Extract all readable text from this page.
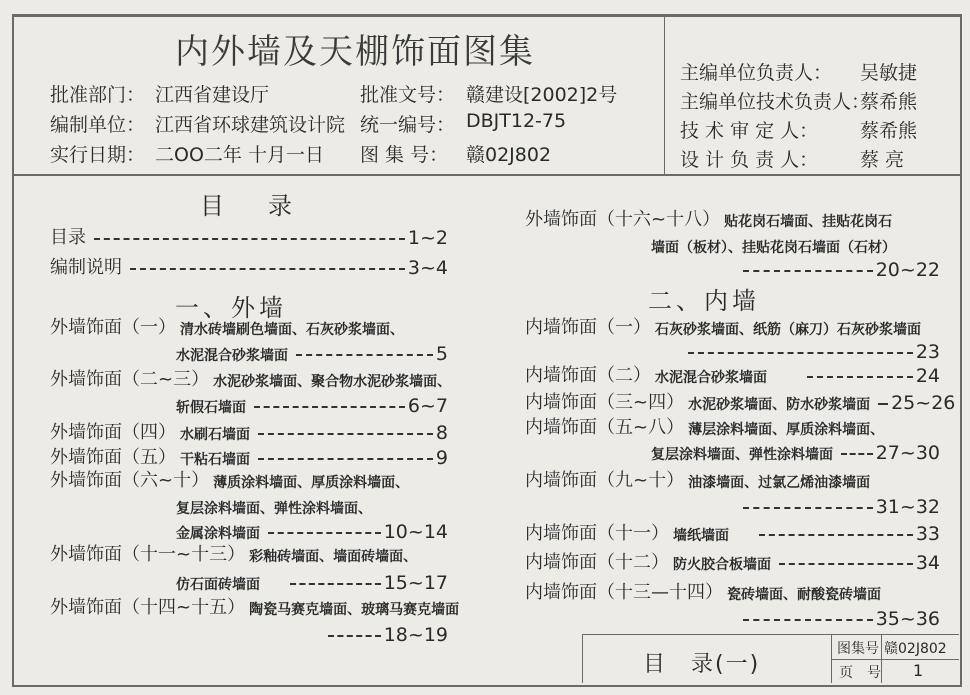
内外墙及天棚饰面图集
批准部门： 江西省建设厅
编制单位： 江西省环球建筑设计院
实行日期： 二OO二年 十月一日
批准文号： 赣建设[2002]2号
统一编号： DBJT12-75
图 集 号： 赣02J802
主编单位负责人： 吴敏捷
主编单位技术负责人：
蔡希熊
技 术 审 定 人： 蔡希熊
设 计 负 责 人： 蔡 亮
目　录
目录	1~2
编制说明	3~4
一、外墙
外墙饰面（一） 清水砖墙刷色墙面、石灰砂浆墙面、
水泥混合砂浆墙面	5
外墙饰面（二~三） 水泥砂浆墙面、聚合物水泥砂浆墙面、
斩假石墙面	6~7
外墙饰面（四） 水刷石墙面	8
外墙饰面（五） 干粘石墙面	9
外墙饰面（六~十） 薄质涂料墙面、厚质涂料墙面、
复层涂料墙面、弹性涂料墙面、
金属涂料墙面	10~14
外墙饰面（十一~十三） 彩釉砖墙面、墙面砖墙面、
仿石面砖墙面	15~17
外墙饰面（十四~十五） 陶瓷马赛克墙面、玻璃马赛克墙面
18~19
外墙饰面（十六~十八） 贴花岗石墙面、挂贴花岗石
墙面（板材）、挂贴花岗石墙面（石材）
20~22
二、内墙
内墙饰面（一） 石灰砂浆墙面、纸筋（麻刀）石灰砂浆墙面
23
内墙饰面（二） 水泥混合砂浆墙面	24
内墙饰面（三~四） 水泥砂浆墙面、防水砂浆墙面 25~26
内墙饰面（五~八） 薄层涂料墙面、厚质涂料墙面、
复层涂料墙面、弹性涂料墙面 27~30
内墙饰面（九~十） 油漆墙面、过氯乙烯油漆墙面
31~32
内墙饰面（十一） 墙纸墙面	33
内墙饰面（十二） 防火胶合板墙面	34
内墙饰面（十三—十四） 瓷砖墙面、耐酸瓷砖墙面
35~36
目　录(一)
图集号 赣02J802
页　号 1
